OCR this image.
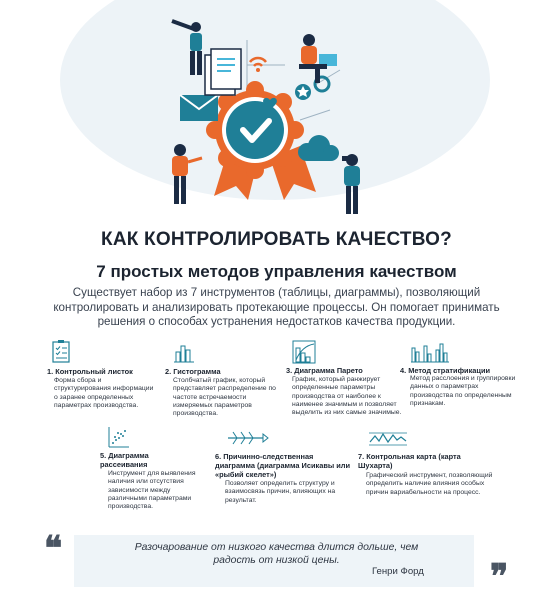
КАК КОНТРОЛИРОВАТЬ КАЧЕСТВО?
7 простых методов управления качеством
Существует набор из 7 инструментов (таблицы, диаграммы), позволяющий контролировать и анализировать протекающие процессы. Он помогает принимать решения о способах устранения недостатков качества продукции.
1. Контрольный листок
Форма сбора и структурирования информации о заранее определенных параметрах производства.
2. Гистограмма
Столбчатый график, который представляет распределение по частоте встречаемости измеряемых параметров производства.
3. Диаграмма Парето
График, который ранжирует определенные параметры производства от наиболее к наименее значимым и позволяет выделить из них самые значимые.
4. Метод стратификации
Метод расслоения и группировки данных о параметрах производства по определенным признакам.
5. Диаграмма
рассеивания
Инструмент для выявления наличия или отсутствия зависимости между различными параметрами производства.
6. Причинно-следственная диаграмма (диаграмма Исикавы или «рыбий скелет»)
Позволяет определить структуру и взаимосвязь причин, влияющих на результат.
7. Контрольная карта (карта Шухарта)
Графический инструмент, позволяющий определить наличие влияния особых причин вариабельности на процесс.
❝
❞
Разочарование от низкого качества длится дольше, чем радость от низкой цены.
Генри Форд
